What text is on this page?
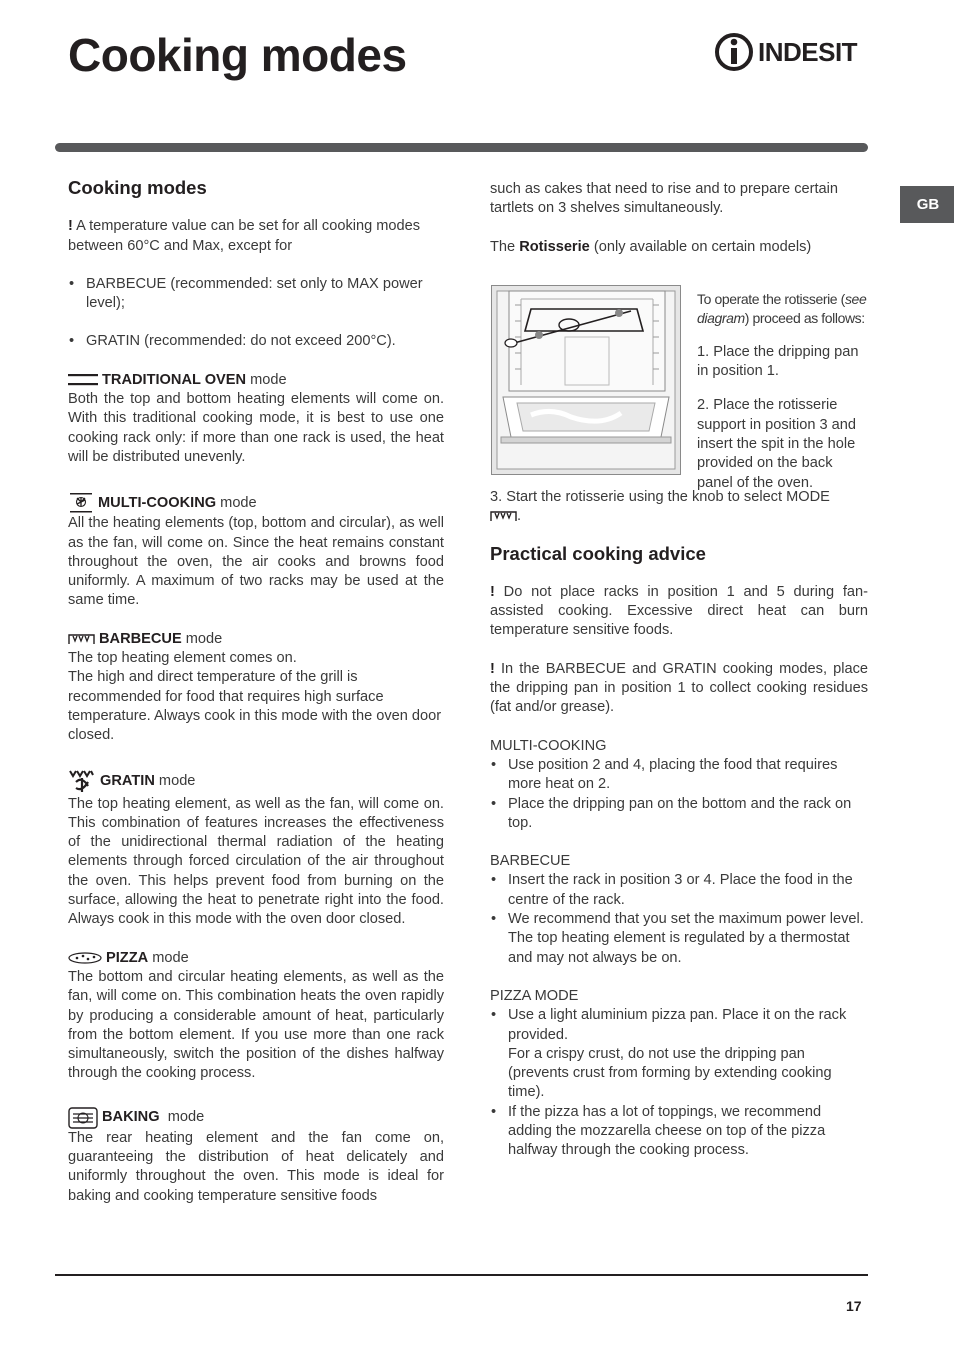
Cooking modes	INDESIT
GB
Cooking modes

! A temperature value can be set for all cooking modes between 60°C and Max, except for

• BARBECUE (recommended: set only to MAX power level);
• GRATIN (recommended: do not exceed 200°C).
TRADITIONAL OVEN mode

Both the top and bottom heating elements will come on. With this traditional cooking mode, it is best to use one cooking rack only: if more than one rack is used, the heat will be distributed unevenly.

MULTI-COOKING mode

All the heating elements (top, bottom and circular), as well as the fan, will come on. Since the heat remains constant throughout the oven, the air cooks and browns food uniformly. A maximum of two racks may be used at the same time.

BARBECUE mode

The top heating element comes on.
The high and direct temperature of the grill is recommended for food that requires high surface temperature. Always cook in this mode with the oven door closed.

GRATIN mode

The top heating element, as well as the fan, will come on. This combination of features increases the effectiveness of the unidirectional thermal radiation of the heating elements through forced circulation of the air throughout the oven. This helps prevent food from burning on the surface, allowing the heat to penetrate right into the food. Always cook in this mode with the oven door closed.

PIZZA mode

The bottom and circular heating elements, as well as the fan, will come on. This combination heats the oven rapidly by producing a considerable amount of heat, particularly from the bottom element. If you use more than one rack simultaneously, switch the position of the dishes halfway through the cooking process.

BAKING mode

The rear heating element and the fan come on, guaranteeing the distribution of heat delicately and uniformly throughout the oven. This mode is ideal for baking and cooking temperature sensitive foods

such as cakes that need to rise and to prepare certain tartlets on 3 shelves simultaneously.

The Rotisserie (only available on certain models)

To operate the rotisserie (see diagram) proceed as follows:

1. Place the dripping pan in position 1.

2. Place the rotisserie support in position 3 and insert the spit in the hole provided on the back panel of the oven.

3. Start the rotisserie using the knob to select MODE
.

Practical cooking advice

! Do not place racks in position 1 and 5 during fan-assisted cooking. Excessive direct heat can burn temperature sensitive foods.

! In the BARBECUE and GRATIN cooking modes, place the dripping pan in position 1 to collect cooking residues (fat and/or grease).

MULTI-COOKING

• Use position 2 and 4, placing the food that requires more heat on 2.
• Place the dripping pan on the bottom and the rack on top.

BARBECUE

• Insert the rack in position 3 or 4. Place the food in the centre of the rack.
• We recommend that you set the maximum power level. The top heating element is regulated by a thermostat and may not always be on.

PIZZA MODE

• Use a light aluminium pizza pan. Place it on the rack provided.
For a crispy crust, do not use the dripping pan (prevents crust from forming by extending cooking time).
• If the pizza has a lot of toppings, we recommend adding the mozzarella cheese on top of the pizza halfway through the cooking process.
17
